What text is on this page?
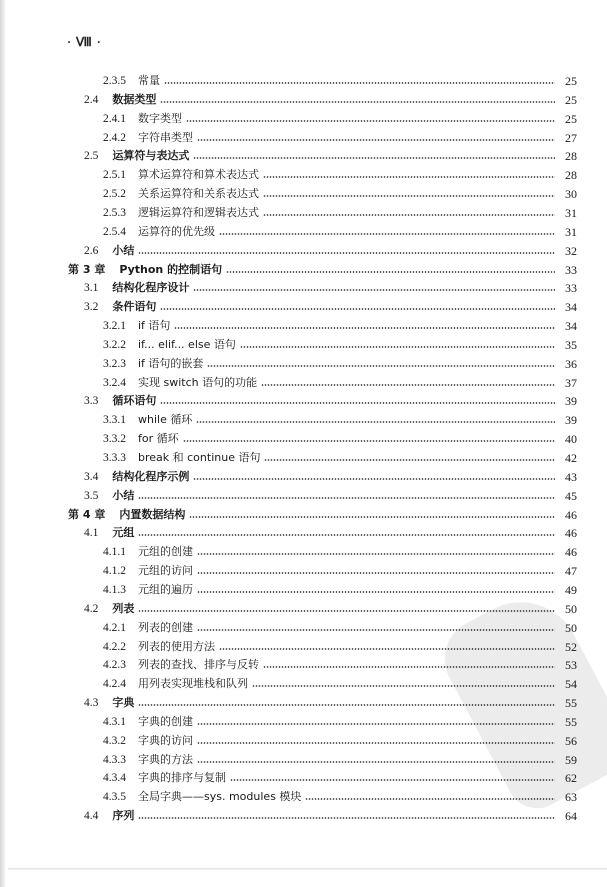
· Ⅷ ·
2.3.5	常量	25
2.4	数据类型	25
2.4.1	数字类型	25
2.4.2	字符串类型	27
2.5	运算符与表达式	28
2.5.1	算术运算符和算术表达式	28
2.5.2	关系运算符和关系表达式	30
2.5.3	逻辑运算符和逻辑表达式	31
2.5.4	运算符的优先级	31
2.6	小结	32
第 3 章	Python 的控制语句	33
3.1	结构化程序设计	33
3.2	条件语句	34
3.2.1	if 语句	34
3.2.2	if... elif... else 语句	35
3.2.3	if 语句的嵌套	36
3.2.4	实现 switch 语句的功能	37
3.3	循环语句	39
3.3.1	while 循环	39
3.3.2	for 循环	40
3.3.3	break 和 continue 语句	42
3.4	结构化程序示例	43
3.5	小结	45
第 4 章	内置数据结构	46
4.1	元组	46
4.1.1	元组的创建	46
4.1.2	元组的访问	47
4.1.3	元组的遍历	49
4.2	列表	50
4.2.1	列表的创建	50
4.2.2	列表的使用方法	52
4.2.3	列表的查找、排序与反转	53
4.2.4	用列表实现堆栈和队列	54
4.3	字典	55
4.3.1	字典的创建	55
4.3.2	字典的访问	56
4.3.3	字典的方法	59
4.3.4	字典的排序与复制	62
4.3.5	全局字典——sys. modules 模块	63
4.4	序列	64
